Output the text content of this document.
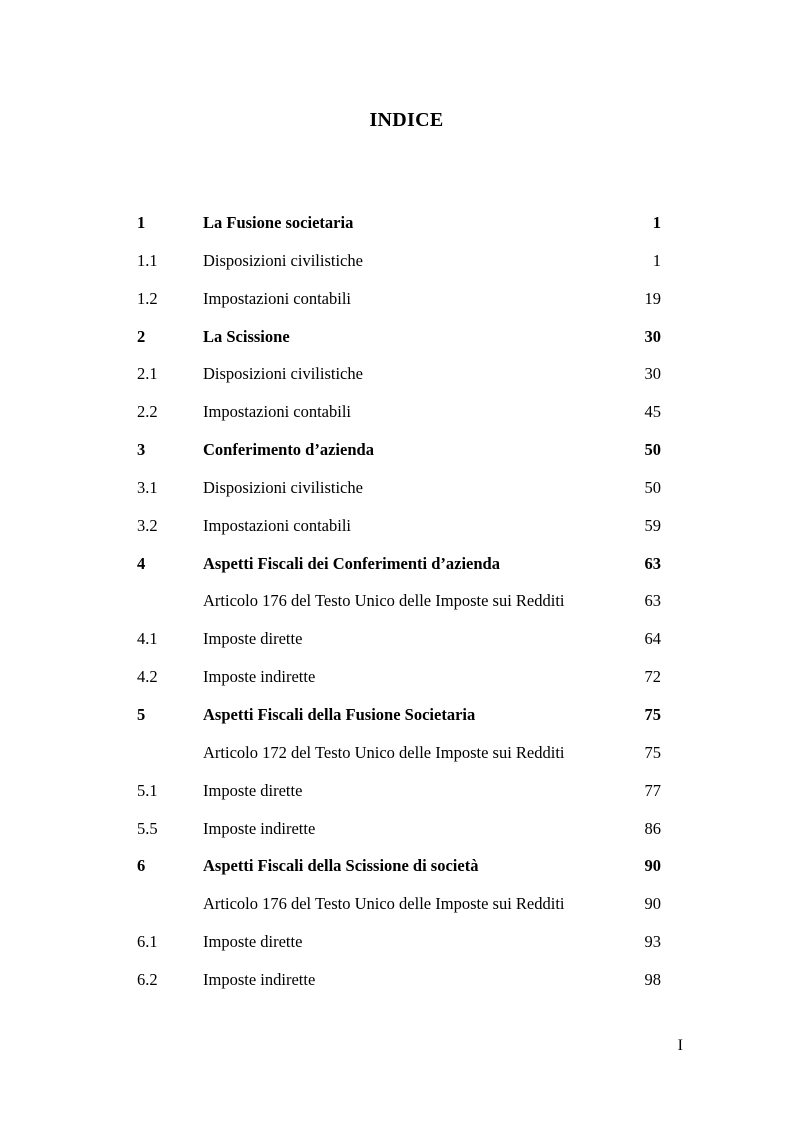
INDICE
1	La Fusione societaria	1
1.1	Disposizioni civilistiche	1
1.2	Impostazioni contabili	19
2	La Scissione	30
2.1	Disposizioni civilistiche	30
2.2	Impostazioni contabili	45
3	Conferimento d’azienda	50
3.1	Disposizioni civilistiche	50
3.2	Impostazioni contabili	59
4	Aspetti Fiscali dei Conferimenti d’azienda	63
Articolo 176 del Testo Unico delle Imposte sui Redditi	63
4.1	Imposte dirette	64
4.2	Imposte indirette	72
5	Aspetti Fiscali della Fusione Societaria	75
Articolo 172 del Testo Unico delle Imposte sui Redditi	75
5.1	Imposte dirette	77
5.5	Imposte indirette	86
6	Aspetti Fiscali della Scissione di società	90
Articolo 176 del Testo Unico delle Imposte sui Redditi	90
6.1	Imposte dirette	93
6.2	Imposte indirette	98
I
